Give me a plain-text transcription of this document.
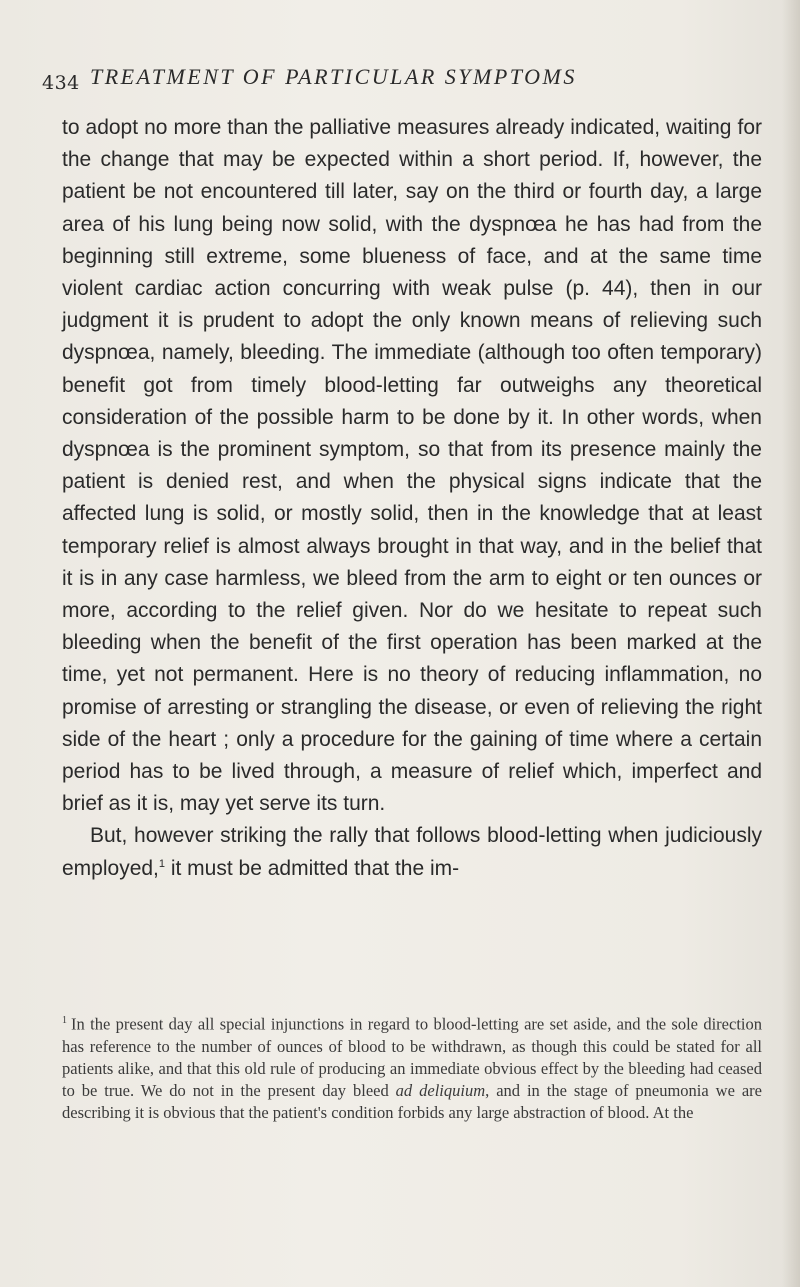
434 TREATMENT OF PARTICULAR SYMPTOMS

to adopt no more than the palliative measures already indicated, waiting for the change that may be expected within a short period. If, however, the patient be not encountered till later, say on the third or fourth day, a large area of his lung being now solid, with the dyspnœa he has had from the beginning still extreme, some blueness of face, and at the same time violent cardiac action concurring with weak pulse (p. 44), then in our judgment it is prudent to adopt the only known means of relieving such dyspnœa, namely, bleeding. The immediate (although too often temporary) benefit got from timely blood-letting far outweighs any theoretical consideration of the possible harm to be done by it. In other words, when dyspnœa is the prominent symptom, so that from its presence mainly the patient is denied rest, and when the physical signs indicate that the affected lung is solid, or mostly solid, then in the knowledge that at least temporary relief is almost always brought in that way, and in the belief that it is in any case harmless, we bleed from the arm to eight or ten ounces or more, according to the relief given. Nor do we hesitate to repeat such bleeding when the benefit of the first operation has been marked at the time, yet not permanent. Here is no theory of reducing inflammation, no promise of arresting or strangling the disease, or even of relieving the right side of the heart ; only a procedure for the gaining of time where a certain period has to be lived through, a measure of relief which, imperfect and brief as it is, may yet serve its turn.

But, however striking the rally that follows blood-letting when judiciously employed,$^1$ it must be admitted that the im-

$^1$ In the present day all special injunctions in regard to blood-letting are set aside, and the sole direction has reference to the number of ounces of blood to be withdrawn, as though this could be stated for all patients alike, and that this old rule of producing an immediate obvious effect by the bleeding had ceased to be true. We do not in the present day bleed ad deliquium, and in the stage of pneumonia we are describing it is obvious that the patient's condition forbids any large abstraction of blood. At the
